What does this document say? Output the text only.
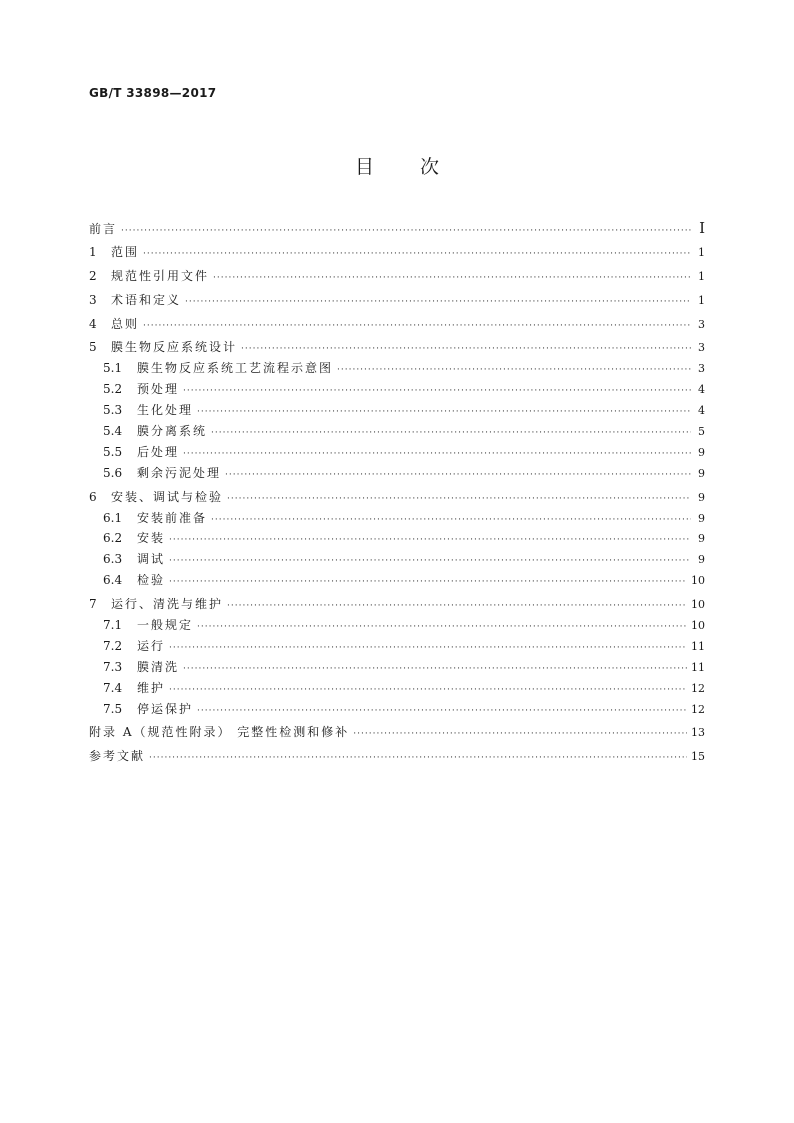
GB/T 33898—2017
目 次
前言 ·····	I
1	范围 ·····	1
2	规范性引用文件 ·····	1
3	术语和定义 ·····	1
4	总则 ·····	3
5	膜生物反应系统设计 ·····	3
5.1	膜生物反应系统工艺流程示意图 ·····	3
5.2	预处理 ·····	4
5.3	生化处理 ·····	4
5.4	膜分离系统 ·····	5
5.5	后处理 ·····	9
5.6	剩余污泥处理 ·····	9
6	安装、调试与检验 ·····	9
6.1	安装前准备 ·····	9
6.2	安装 ·····	9
6.3	调试 ·····	9
6.4	检验 ·····	10
7	运行、清洗与维护 ·····	10
7.1	一般规定 ·····	10
7.2	运行 ·····	11
7.3	膜清洗 ·····	11
7.4	维护 ·····	12
7.5	停运保护 ·····	12
附录 A（规范性附录） 完整性检测和修补 ·····	13
参考文献 ·····	15
